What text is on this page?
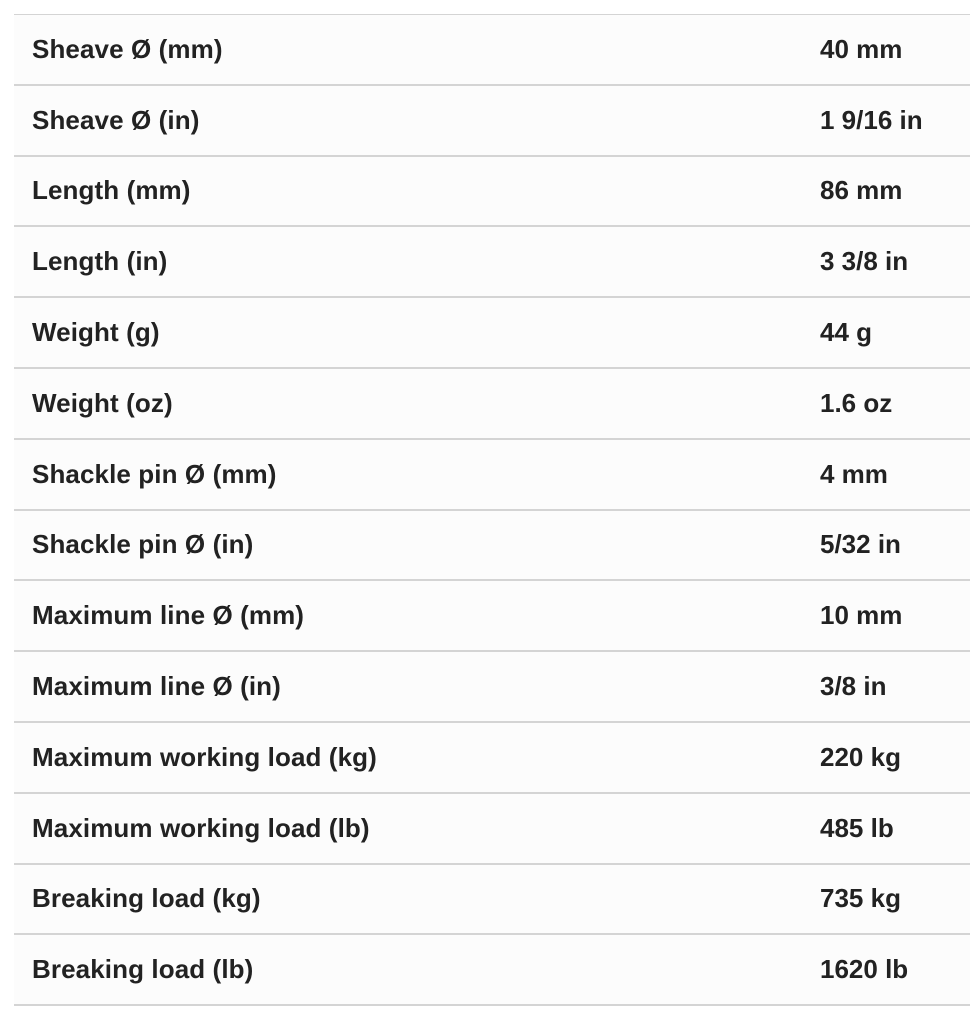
Sheave Ø (mm)	40 mm
Sheave Ø (in)	1 9/16 in
Length (mm)	86 mm
Length (in)	3 3/8 in
Weight (g)	44 g
Weight (oz)	1.6 oz
Shackle pin Ø (mm)	4 mm
Shackle pin Ø (in)	5/32 in
Maximum line Ø (mm)	10 mm
Maximum line Ø (in)	3/8 in
Maximum working load (kg)	220 kg
Maximum working load (lb)	485 lb
Breaking load (kg)	735 kg
Breaking load (lb)	1620 lb
